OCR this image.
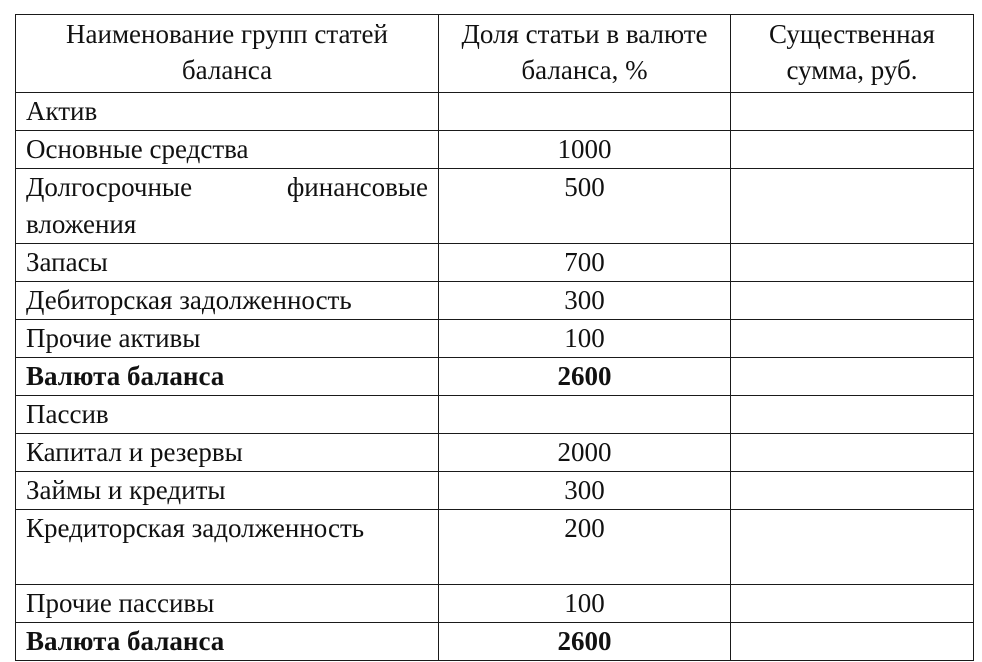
Наименование групп статей баланса	Доля статьи в валюте баланса, %	Существенная сумма, руб.
Актив		
Основные средства	1000	
Долгосрочные финансовые вложения	500	
Запасы	700	
Дебиторская задолженность	300	
Прочие активы	100	
Валюта баланса	2600	
Пассив		
Капитал и резервы	2000	
Займы и кредиты	300	
Кредиторская задолженность	200	
Прочие пассивы	100	
Валюта баланса	2600	
